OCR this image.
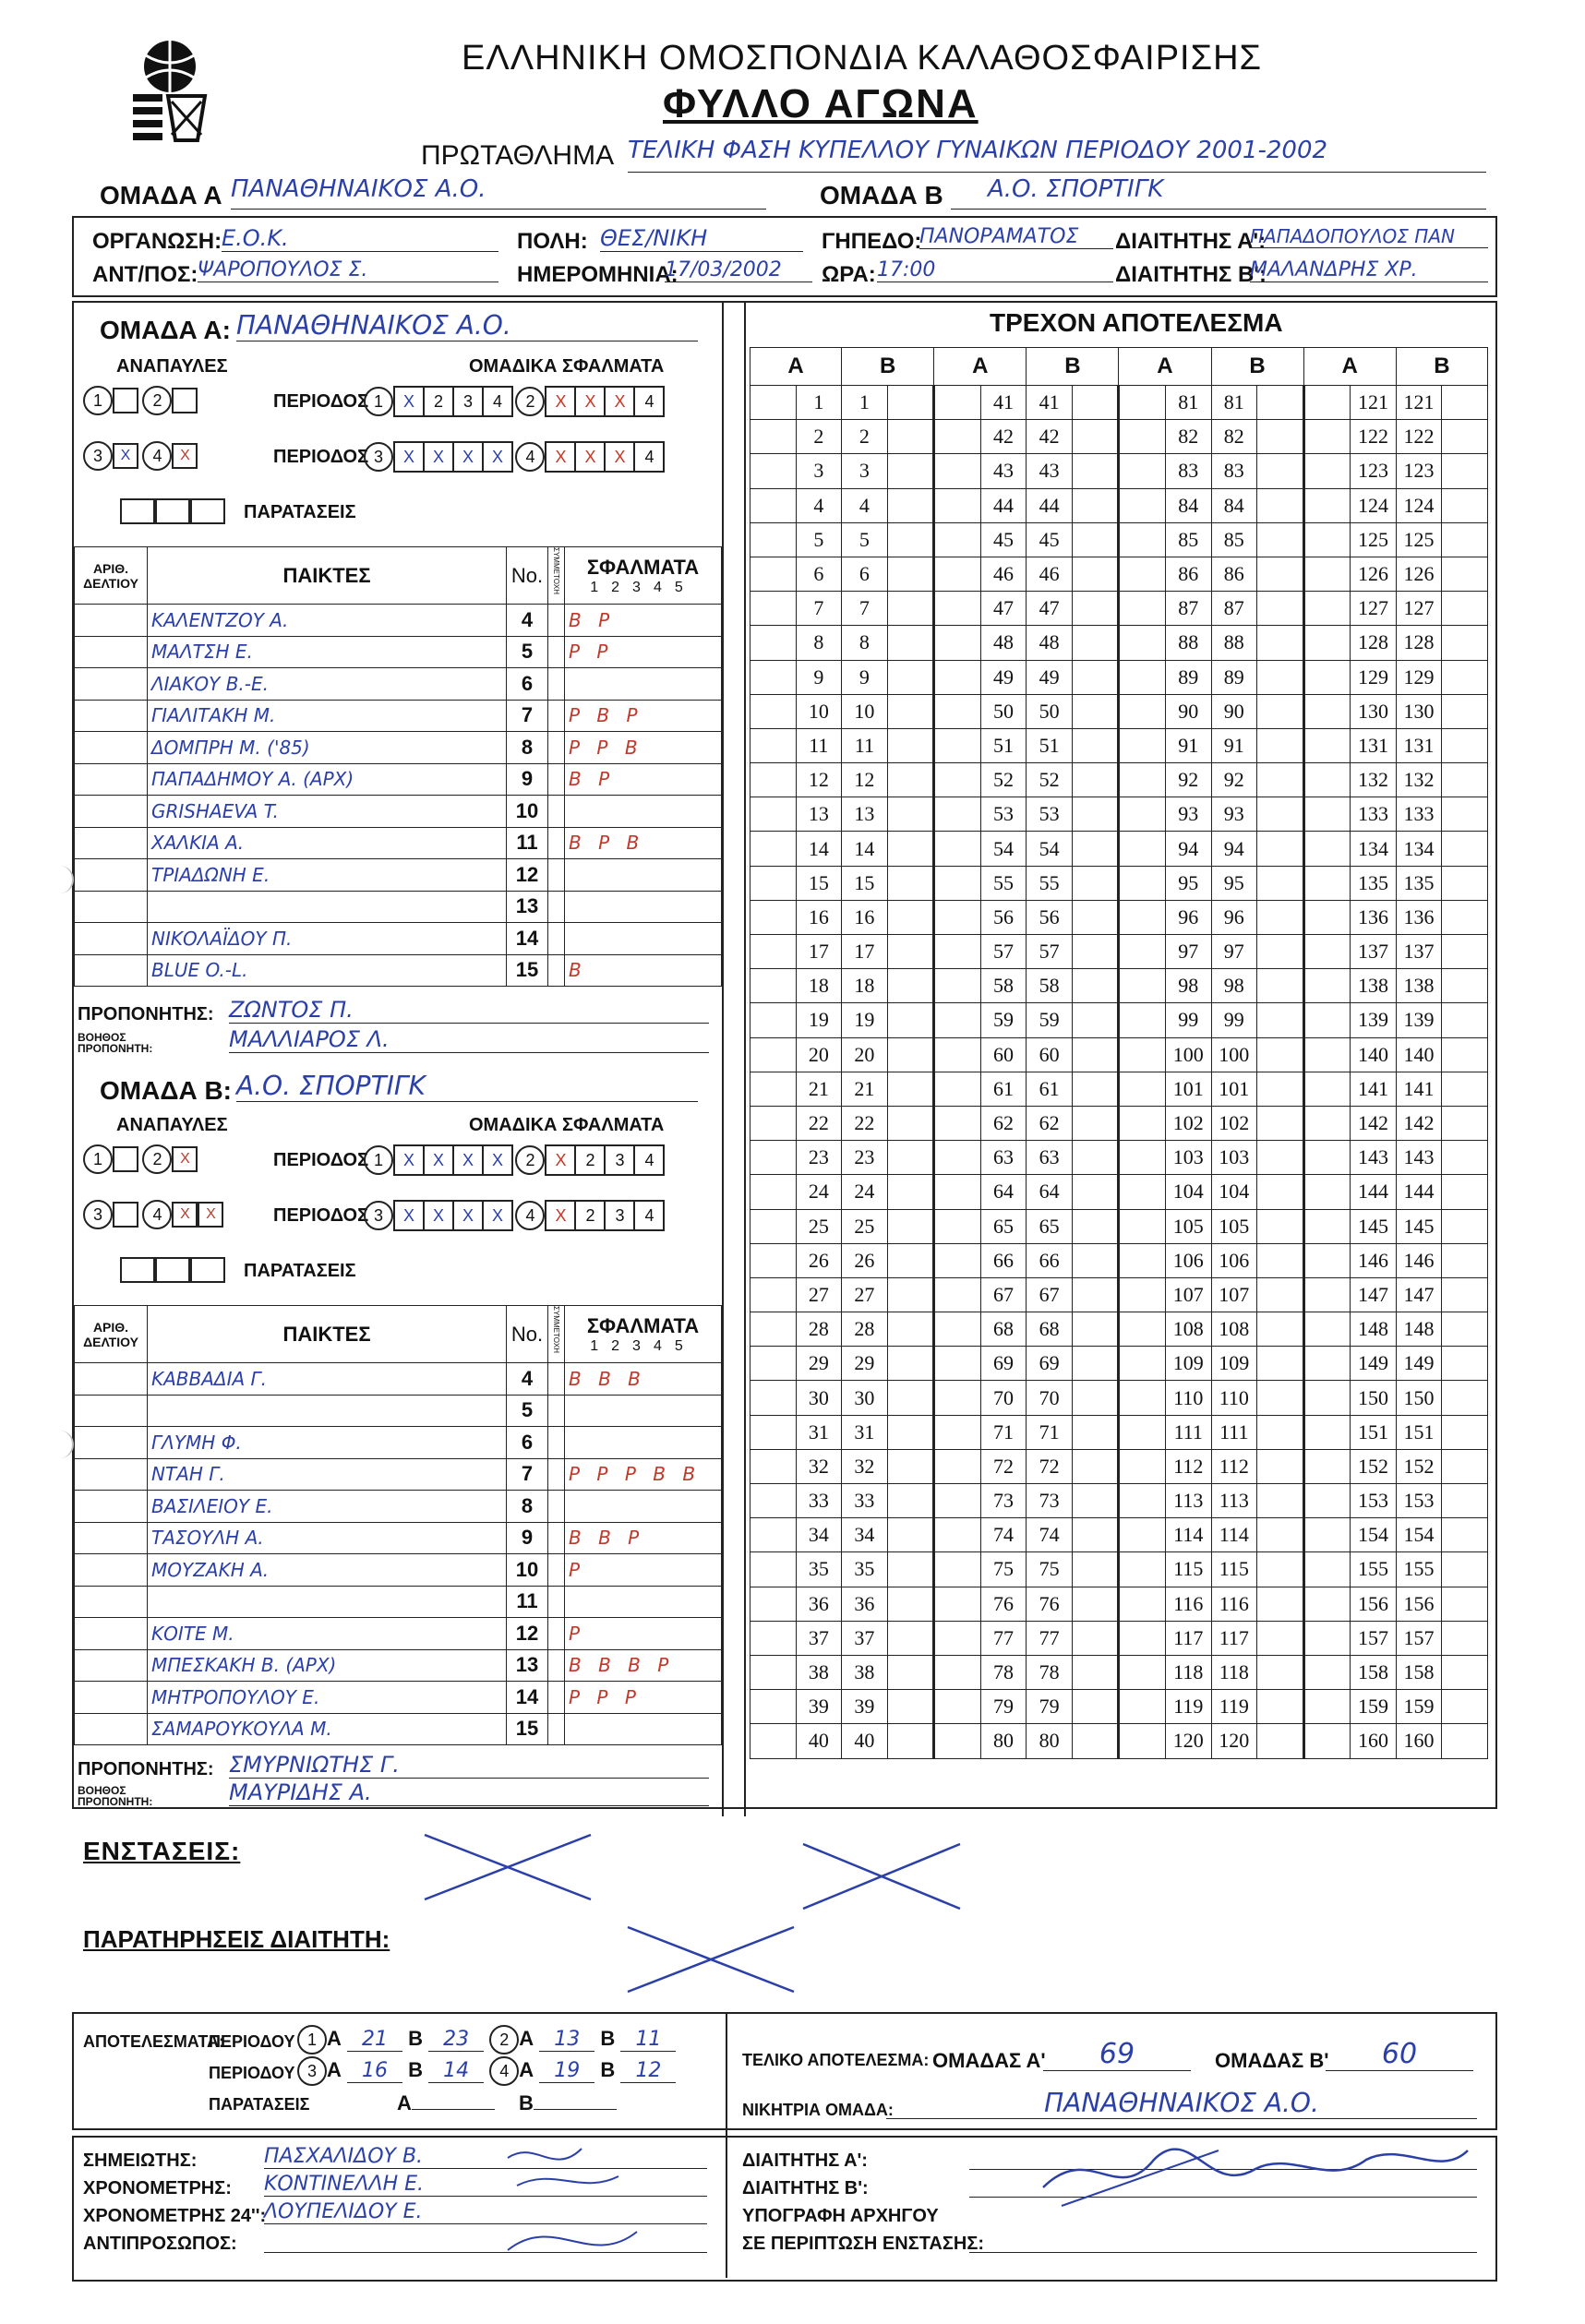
ΕΛΛΗΝΙΚΗ ΟΜΟΣΠΟΝΔΙΑ ΚΑΛΑΘΟΣΦΑΙΡΙΣΗΣ
ΦΥΛΛΟ ΑΓΩΝΑ
ΠΡΩΤΑΘΛΗΜΑ ΤΕΛΙΚΗ ΦΑΣΗ ΚΥΠΕΛΛΟΥ ΓΥΝΑΙΚΩΝ ΠΕΡΙΟΔΟΥ 2001-2002
ΟΜΑΔΑ Α ΠΑΝΑΘΗΝΑΙΚΟΣ Α.Ο.	ΟΜΑΔΑ Β	Α.Ο. ΣΠΟΡΤΙΓΚ
ΟΡΓΑΝΩΣΗ: Ε.Ο.Κ.	ΠΟΛΗ: ΘΕΣ/ΝΙΚΗ	ΓΗΠΕΔΟ:
ΠΑΝΟΡΑΜΑΤΟΣ	ΔΙΑΙΤΗΤΗΣ Α':
ΠΑΠΑΔΟΠΟΥΛΟΣ ΠΑΝ
ΑΝΤ/ΠΟΣ: ΨΑΡΟΠΟΥΛΟΣ Σ.	ΗΜΕΡΟΜΗΝΙΑ:
17/03/2002	ΩΡΑ: 17:00	ΔΙΑΙΤΗΤΗΣ Β':
ΜΑΛΑΝΔΡΗΣ ΧΡ.
ΟΜΑΔΑ Α: ΠΑΝΑΘΗΝΑΙΚΟΣ Α.Ο.
ΑΝΑΠΑΥΛΕΣ	ΟΜΑΔΙΚΑ ΣΦΑΛΜΑΤΑ
1	2	ΠΕΡΙΟΔΟΣ 1 X 2 3 4 2 X X X 4
3 X 4 X	ΠΕΡΙΟΔΟΣ 3 X X X X 4 X X X 4
ΠΑΡΑΤΑΣΕΙΣ
ΑΡΙΘ. ΔΕΛΤΙΟΥ	ΠΑΙΚΤΕΣ	No.	ΣΥΜΜΕΤΟΧΗ	ΣΦΑΛΜΑΤΑ
12345

	ΚΑΛΕΝΤΖΟΥ Α.	4		B P
	ΜΑΛΤΣΗ Ε.	5		P P
	ΛΙΑΚΟΥ Β.-Ε.	6		
	ΓΙΑΛΙΤΑΚΗ Μ.	7		P B P
	ΔΟΜΠΡΗ Μ. ('85)	8		P P B
	ΠΑΠΑΔΗΜΟΥ Α. (ΑΡΧ)	9		B P
	GRISHAEVA T.	10		
	ΧΑΛΚΙΑ Α.	11		B P B
	ΤΡΙΑΔΩΝΗ Ε.	12		
		13		
	ΝΙΚΟΛΑΪΔΟΥ Π.	14		
	BLUE O.-L.	15		B
ΠΡΟΠΟΝΗΤΗΣ: ΖΩΝΤΟΣ Π.
ΒΟΗΘΟΣ ΠΡΟΠΟΝΗΤΗ:	ΜΑΛΛΙΑΡΟΣ Λ.
ΟΜΑΔΑ Β: Α.Ο. ΣΠΟΡΤΙΓΚ
ΑΝΑΠΑΥΛΕΣ	ΟΜΑΔΙΚΑ ΣΦΑΛΜΑΤΑ
1	2 X	ΠΕΡΙΟΔΟΣ 1 X X X X 2 X 2 3 4
3	4 X X	ΠΕΡΙΟΔΟΣ 3 X X X X 4 X 2 3 4
ΠΑΡΑΤΑΣΕΙΣ
ΑΡΙΘ. ΔΕΛΤΙΟΥ	ΠΑΙΚΤΕΣ	No.	ΣΥΜΜΕΤΟΧΗ	ΣΦΑΛΜΑΤΑ
12345

	ΚΑΒΒΑΔΙΑ Γ.	4		B B B
		5		
	ΓΛΥΜΗ Φ.	6		
	ΝΤΑΗ Γ.	7		P P P B B
	ΒΑΣΙΛΕΙΟΥ Ε.	8		
	ΤΑΣΟΥΛΗ Α.	9		B B P
	ΜΟΥΖΑΚΗ Α.	10		P
		11		
	ΚΟΙΤΕ Μ.	12		P
	ΜΠΕΣΚΑΚΗ Β. (ΑΡΧ)	13		B B B P
	ΜΗΤΡΟΠΟΥΛΟΥ Ε.	14		P P P
	ΣΑΜΑΡΟΥΚΟΥΛΑ Μ.	15		
ΠΡΟΠΟΝΗΤΗΣ: ΣΜΥΡΝΙΩΤΗΣ Γ.
ΒΟΗΘΟΣ ΠΡΟΠΟΝΗΤΗ:	ΜΑΥΡΙΔΗΣ Α.
ΤΡΕΧΟΝ ΑΠΟΤΕΛΕΣΜΑ
A		B		A		B		A		B		A		B	
	1	1			41	41			81	81			121	121	
	2	2			42	42			82	82			122	122	
	3	3			43	43			83	83			123	123	
	4	4			44	44			84	84			124	124	
	5	5			45	45			85	85			125	125	
	6	6			46	46			86	86			126	126	
	7	7			47	47			87	87			127	127	
	8	8			48	48			88	88			128	128	
	9	9			49	49			89	89			129	129	
	10	10			50	50			90	90			130	130	
	11	11			51	51			91	91			131	131	
	12	12			52	52			92	92			132	132	
	13	13			53	53			93	93			133	133	
	14	14			54	54			94	94			134	134	
	15	15			55	55			95	95			135	135	
	16	16			56	56			96	96			136	136	
	17	17			57	57			97	97			137	137	
	18	18			58	58			98	98			138	138	
	19	19			59	59			99	99			139	139	
	20	20			60	60			100	100			140	140	
	21	21			61	61			101	101			141	141	
	22	22			62	62			102	102			142	142	
	23	23			63	63			103	103			143	143	
	24	24			64	64			104	104			144	144	
	25	25			65	65			105	105			145	145	
	26	26			66	66			106	106			146	146	
	27	27			67	67			107	107			147	147	
	28	28			68	68			108	108			148	148	
	29	29			69	69			109	109			149	149	
	30	30			70	70			110	110			150	150	
	31	31			71	71			111	111			151	151	
	32	32			72	72			112	112			152	152	
	33	33			73	73			113	113			153	153	
	34	34			74	74			114	114			154	154	
	35	35			75	75			115	115			155	155	
	36	36			76	76			116	116			156	156	
	37	37			77	77			117	117			157	157	
	38	38			78	78			118	118			158	158	
	39	39			79	79			119	119			159	159	
	40	40			80	80			120	120			160	160	
ΕΝΣΤΑΣΕΙΣ:
ΠΑΡΑΤΗΡΗΣΕΙΣ ΔΙΑΙΤΗΤΗ:
ΑΠΟΤΕΛΕΣΜΑΤΑ:
ΠΕΡΙΟΔΟΥ 1 A 21 B 23 2 A 13 B 11
ΠΕΡΙΟΔΟΥ 3 A 16 B 14 4 A 19 B 12
ΠΑΡΑΤΑΣΕΙΣ	A	B
ΤΕΛΙΚΟ ΑΠΟΤΕΛΕΣΜΑ: ΟΜΑΔΑΣ Α'	69	ΟΜΑΔΑΣ Β'	60
ΝΙΚΗΤΡΙΑ ΟΜΑΔΑ:	ΠΑΝΑΘΗΝΑΙΚΟΣ Α.Ο.
ΣΗΜΕΙΩΤΗΣ:	ΠΑΣΧΑΛΙΔΟΥ Β.
ΧΡΟΝΟΜΕΤΡΗΣ: ΚΟΝΤΙΝΕΛΛΗ Ε.
ΧΡΟΝΟΜΕΤΡΗΣ 24'':
ΛΟΥΠΕΛΙΔΟΥ Ε.
ΑΝΤΙΠΡΟΣΩΠΟΣ:
ΔΙΑΙΤΗΤΗΣ Α':
ΔΙΑΙΤΗΤΗΣ Β':
ΥΠΟΓΡΑΦΗ ΑΡΧΗΓΟΥ
ΣΕ ΠΕΡΙΠΤΩΣΗ ΕΝΣΤΑΣΗΣ:
